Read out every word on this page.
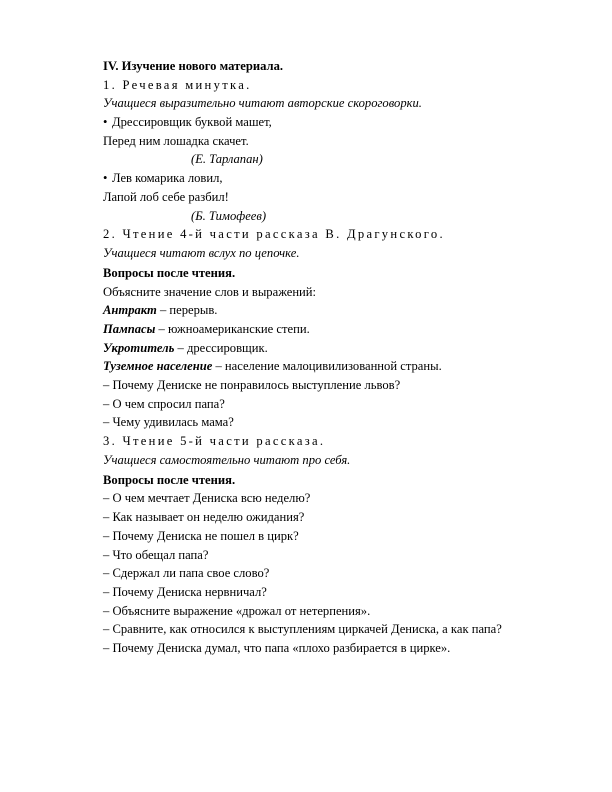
IV. Изучение нового материала.
1. Речевая минутка.
Учащиеся выразительно читают авторские скороговорки.
• Дрессировщик буквой машет,
Перед ним лошадка скачет.
(Е. Тарлапан)
• Лев комарика ловил,
Лапой лоб себе разбил!
(Б. Тимофеев)
2. Чтение 4-й части рассказа В. Драгунского.
Учащиеся читают вслух по цепочке.
Вопросы после чтения.
Объясните значение слов и выражений:
Антракт – перерыв.
Пампасы – южноамериканские степи.
Укротитель – дрессировщик.
Туземное население – население малоцивилизованной страны.
– Почему Дениске не понравилось выступление львов?
– О чем спросил папа?
– Чему удивилась мама?
3. Чтение 5-й части рассказа.
Учащиеся самостоятельно читают про себя.
Вопросы после чтения.
– О чем мечтает Дениска всю неделю?
– Как называет он неделю ожидания?
– Почему Дениска не пошел в цирк?
– Что обещал папа?
– Сдержал ли папа свое слово?
– Почему Дениска нервничал?
– Объясните выражение «дрожал от нетерпения».
– Сравните, как относился к выступлениям циркачей Дениска, а как папа?
– Почему Дениска думал, что папа «плохо разбирается в цирке».
